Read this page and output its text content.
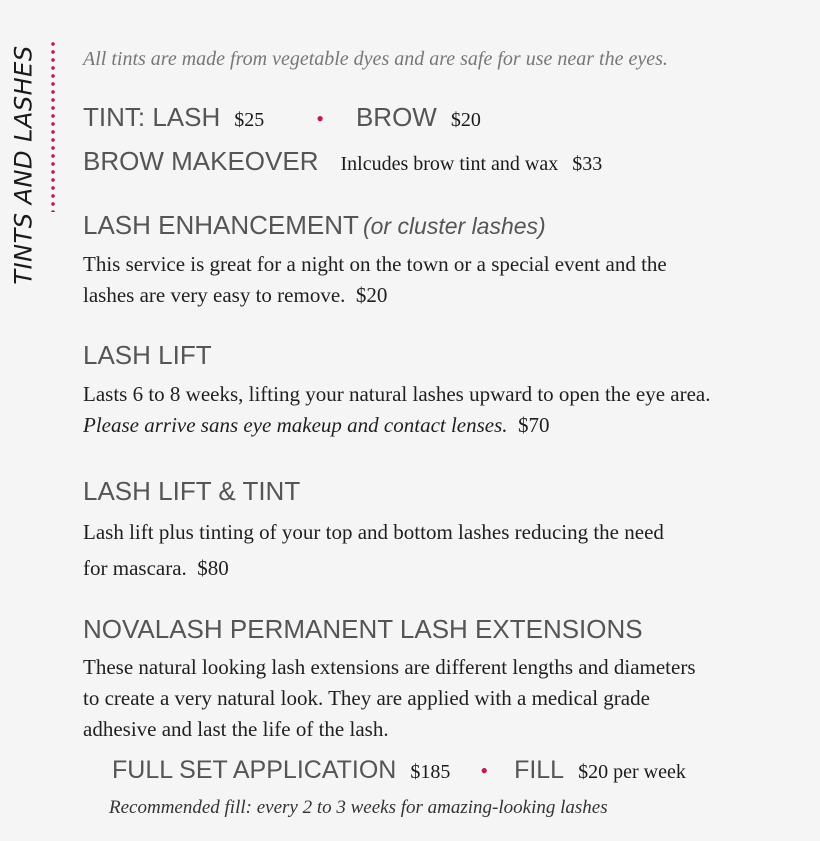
TINTS AND LASHES All tints are made from vegetable dyes and are safe for use near the eyes.
TINT: LASH $25 • BROW $20
BROW MAKEOVER Inlcudes brow tint and wax $33
LASH ENHANCEMENT (or cluster lashes)
This service is great for a night on the town or a special event and the
lashes are very easy to remove. $20
LASH LIFT
Lasts 6 to 8 weeks, lifting your natural lashes upward to open the eye area.
Please arrive sans eye makeup and contact lenses. $70
LASH LIFT & TINT
Lash lift plus tinting of your top and bottom lashes reducing the need
for mascara. $80
NOVALASH PERMANENT LASH EXTENSIONS
These natural looking lash extensions are different lengths and diameters
to create a very natural look. They are applied with a medical grade
adhesive and last the life of the lash.
FULL SET APPLICATION $185 • FILL $20 per week
Recommended fill: every 2 to 3 weeks for amazing-looking lashes
